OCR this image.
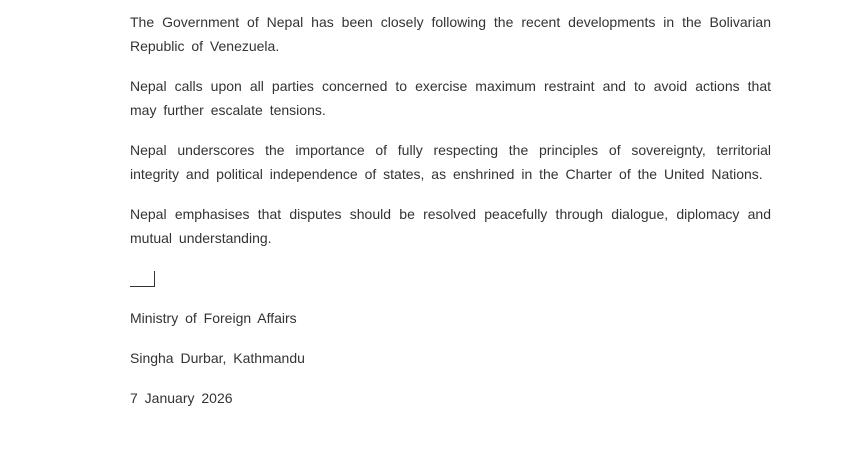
The Government of Nepal has been closely following the recent developments in the Bolivarian Republic of Venezuela.

Nepal calls upon all parties concerned to exercise maximum restraint and to avoid actions that may further escalate tensions.

Nepal underscores the importance of fully respecting the principles of sovereignty, territorial integrity and political independence of states, as enshrined in the Charter of the United Nations.

Nepal emphasises that disputes should be resolved peacefully through dialogue, diplomacy and mutual understanding.

Ministry of Foreign Affairs

Singha Durbar, Kathmandu

7 January 2026
